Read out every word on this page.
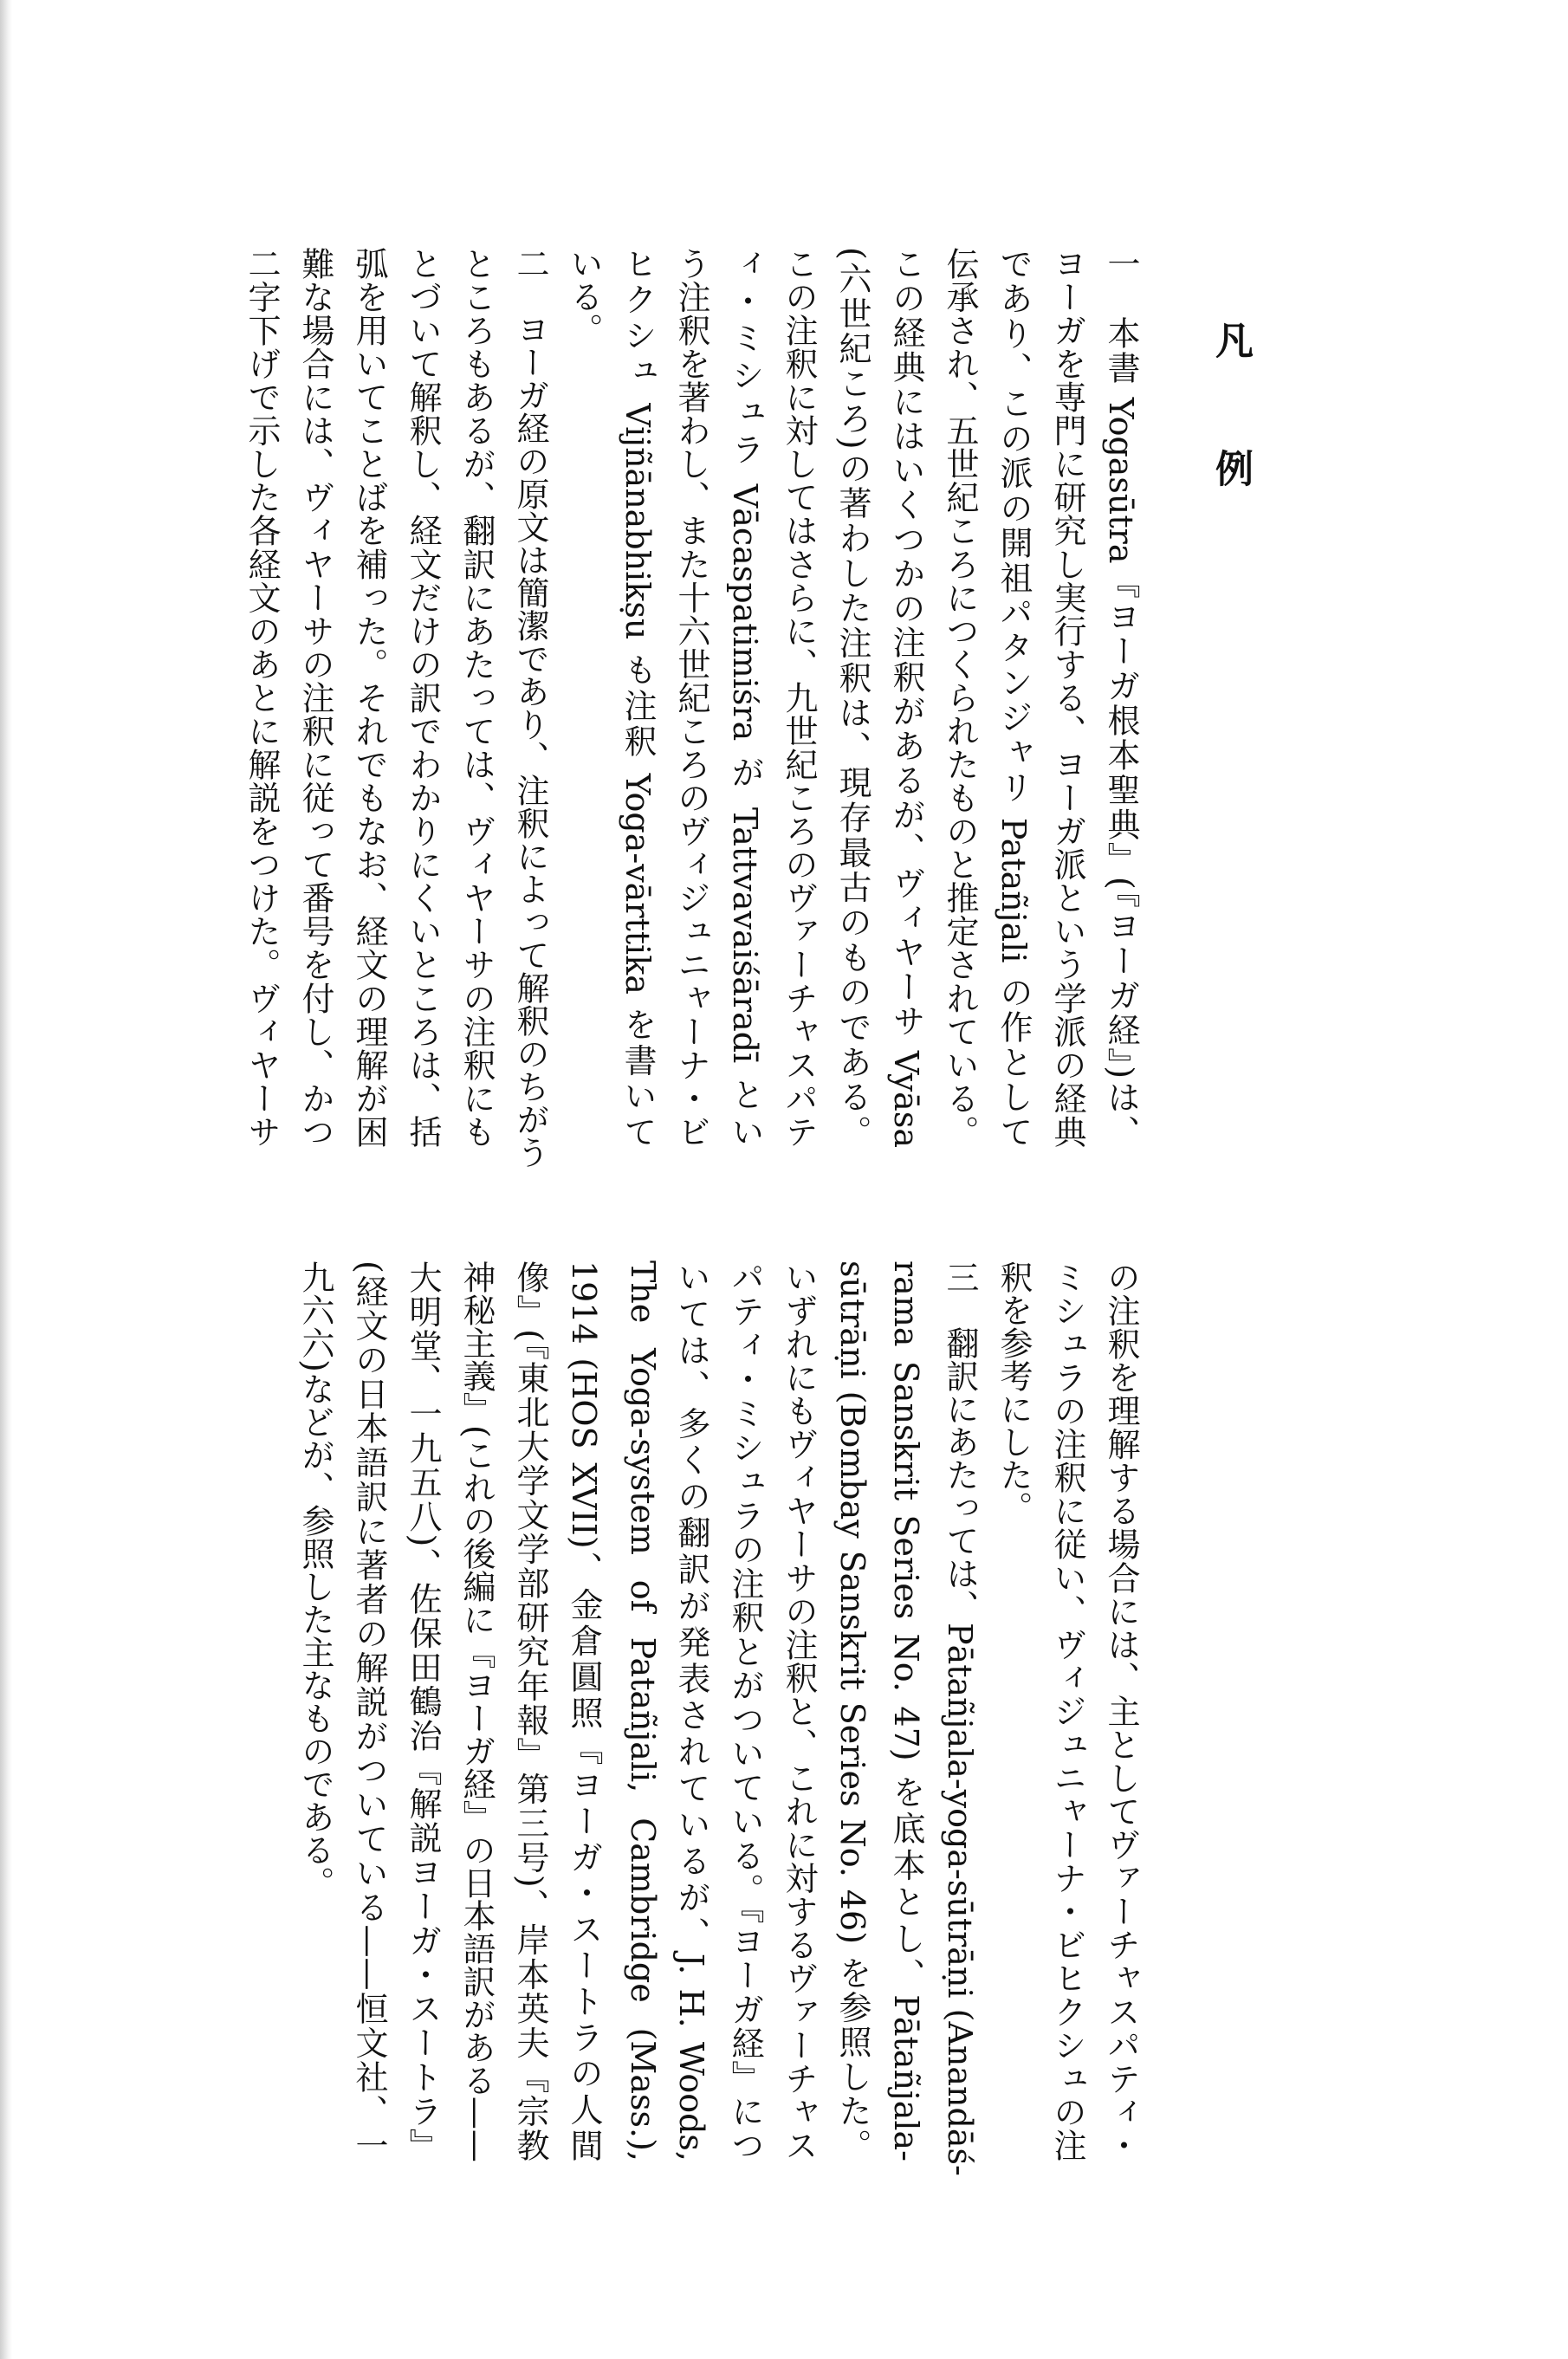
凡　例
一　本書 Yogasūtra『ヨーガ根本聖典』(『ヨーガ経』)は、
ヨーガを専門に研究し実行する、ヨーガ派という学派の経典
であり、この派の開祖パタンジャリ Patañjali の作として
伝承され、五世紀ころにつくられたものと推定されている。
この経典にはいくつかの注釈があるが、ヴィヤーサ Vyāsa
(六世紀ころ)の著わした注釈は、現存最古のものである。
この注釈に対してはさらに、九世紀ころのヴァーチャスパテ
ィ・ミシュラ Vācaspatimiśra が Tattvavaiśāradī とい
う注釈を著わし、また十六世紀ころのヴィジュニャーナ・ビ
ヒクシュ Vijñānabhikṣu も注釈 Yoga-vārttika を書いて
いる。
二　ヨーガ経の原文は簡潔であり、注釈によって解釈のちがう
ところもあるが、翻訳にあたっては、ヴィヤーサの注釈にも
とづいて解釈し、経文だけの訳でわかりにくいところは、括
弧を用いてことばを補った。それでもなお、経文の理解が困
難な場合には、ヴィヤーサの注釈に従って番号を付し、かつ
二字下げで示した各経文のあとに解説をつけた。ヴィヤーサ
の注釈を理解する場合には、主としてヴァーチャスパティ・
ミシュラの注釈に従い、ヴィジュニャーナ・ビヒクシュの注
釈を参考にした。
三　翻訳にあたっては、Pātañjala-yoga-sūtrāṇi (Anandāś-
rama Sanskrit Series No. 47) を底本とし、Pātañjala-
sūtrāṇi (Bombay Sanskrit Series No. 46) を参照した。
いずれにもヴィヤーサの注釈と、これに対するヴァーチャス
パティ・ミシュラの注釈とがついている。『ヨーガ経』につ
いては、多くの翻訳が発表されているが、J. H. Woods,
The Yoga-system of Patañjali, Cambridge (Mass.),
1914 (HOS XVII)、金倉圓照『ヨーガ・スートラの人間
像』(『東北大学文学部研究年報』第三号)、岸本英夫『宗教
神秘主義』(これの後編に『ヨーガ経』の日本語訳がある——
大明堂、一九五八)、佐保田鶴治『解説ヨーガ・スートラ』
(経文の日本語訳に著者の解説がついている——恒文社、一
九六六)などが、参照した主なものである。
